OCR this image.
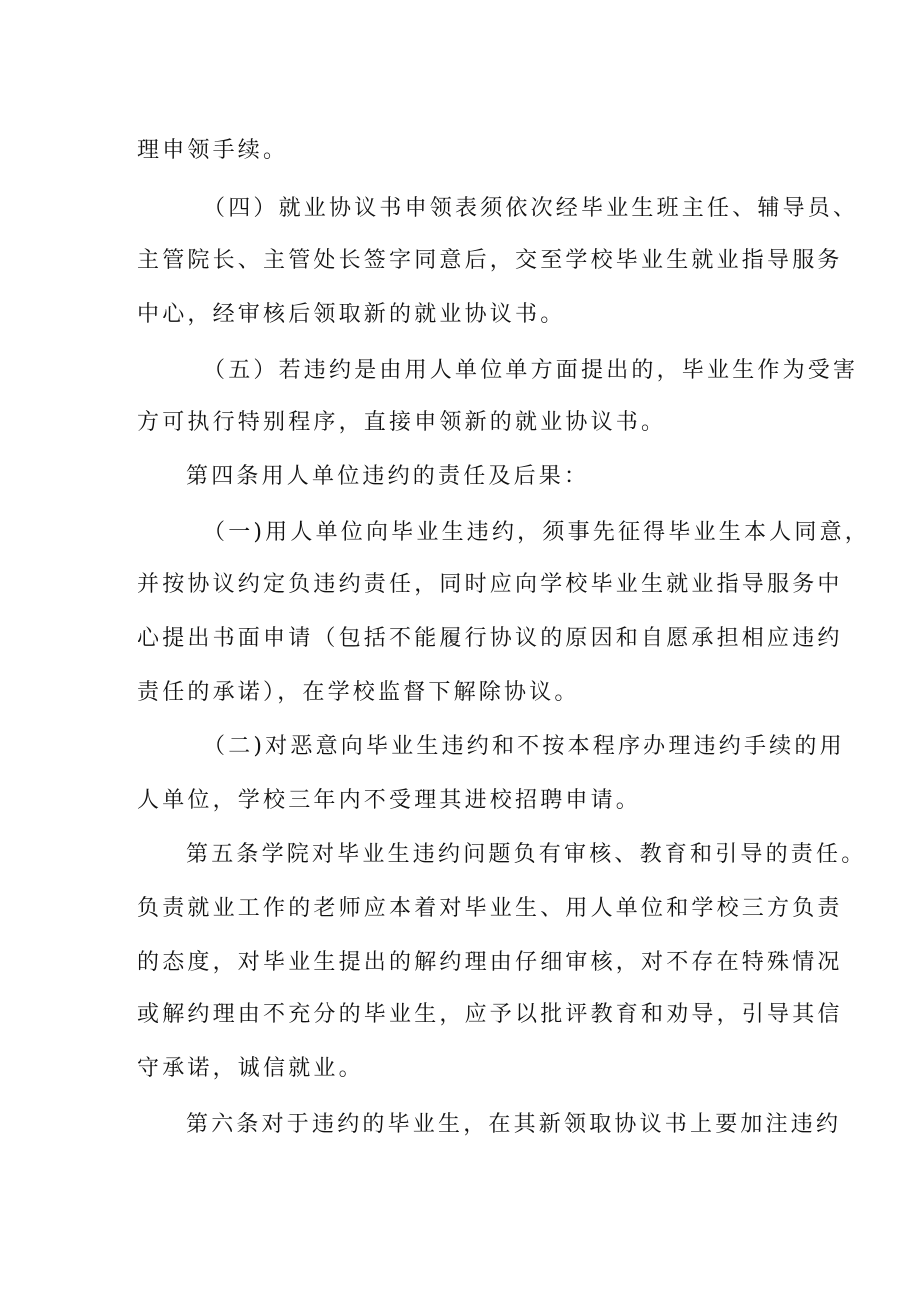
理申领手续。

（四）就业协议书申领表须依次经毕业生班主任、辅导员、

主管院长、主管处长签字同意后，交至学校毕业生就业指导服务

中心，经审核后领取新的就业协议书。

（五）若违约是由用人单位单方面提出的，毕业生作为受害

方可执行特别程序，直接申领新的就业协议书。

第四条用人单位违约的责任及后果：

（一)用人单位向毕业生违约，须事先征得毕业生本人同意，

并按协议约定负违约责任，同时应向学校毕业生就业指导服务中

心提出书面申请（包括不能履行协议的原因和自愿承担相应违约

责任的承诺），在学校监督下解除协议。

（二)对恶意向毕业生违约和不按本程序办理违约手续的用

人单位，学校三年内不受理其进校招聘申请。

第五条学院对毕业生违约问题负有审核、教育和引导的责任。

负责就业工作的老师应本着对毕业生、用人单位和学校三方负责

的态度，对毕业生提出的解约理由仔细审核，对不存在特殊情况

或解约理由不充分的毕业生，应予以批评教育和劝导，引导其信

守承诺，诚信就业。

第六条对于违约的毕业生，在其新领取协议书上要加注违约
